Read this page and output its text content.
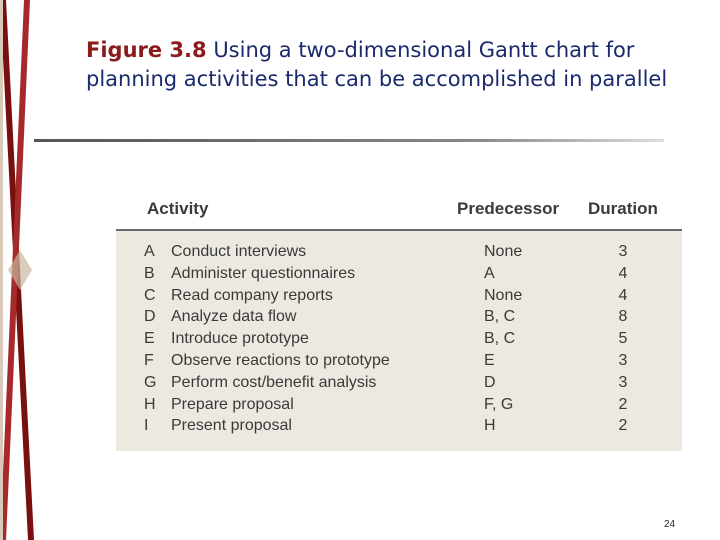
Figure 3.8 Using a two-dimensional Gantt chart for
planning activities that can be accomplished in parallel
Activity	Predecessor Duration
A Conduct interviews	None	3
B Administer questionnaires	A	4
C Read company reports	None	4
D Analyze data flow	B, C	8
E Introduce prototype	B, C	5
F Observe reactions to prototype	E	3
G Perform cost/benefit analysis	D	3
H Prepare proposal	F, G	2
I Present proposal	H	2
24
